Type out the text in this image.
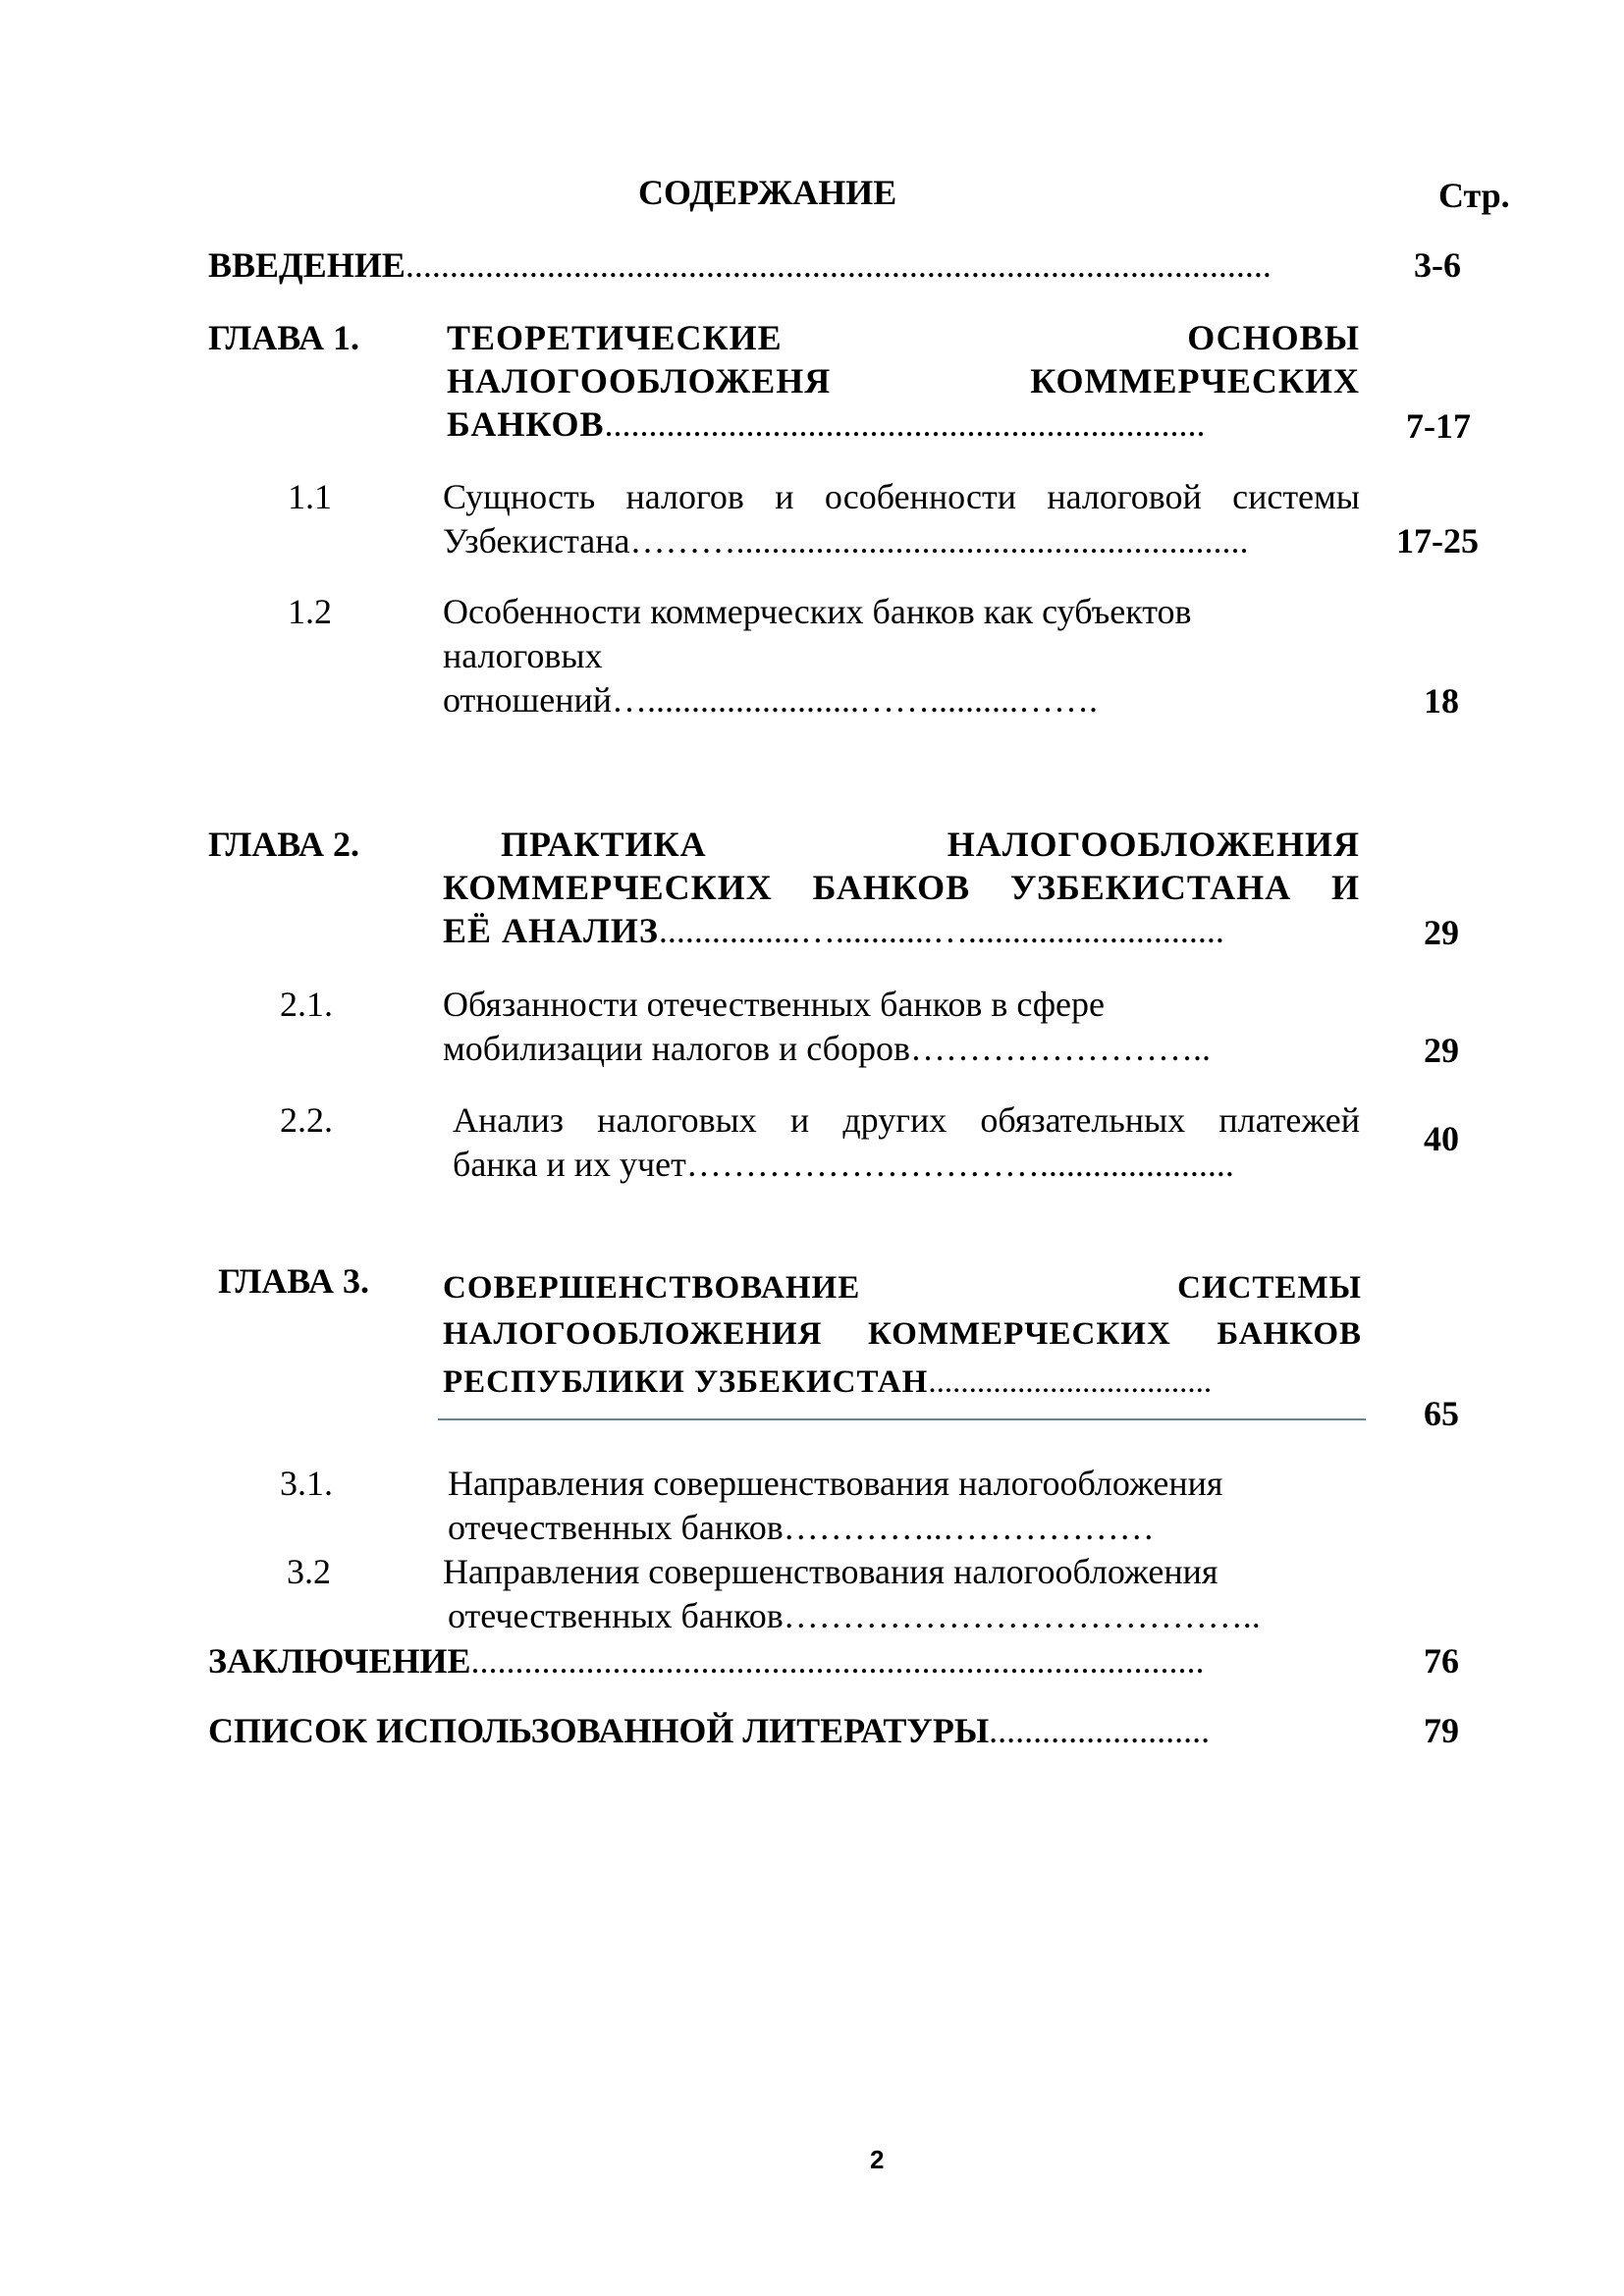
СОДЕРЖАНИЕ	Стр.
ВВЕДЕНИЕ..................................................................................................	3-6
ГЛАВА 1. ТЕОРЕТИЧЕСКИЕ	ОСНОВЫ
НАЛОГООБЛОЖЕНЯ	КОММЕРЧЕСКИХ
БАНКОВ....................................................................	7-17
1.1	Сущность налогов и особенности налоговой системы
Узбекистана………..........................................................	17-25
1.2	Особенности коммерческих банков как субъектов
налоговых
отношений…........................……..........…….	18
ГЛАВА 2.	ПРАКТИКА	НАЛОГООБЛОЖЕНИЯ
КОММЕРЧЕСКИХ БАНКОВ УЗБЕКИСТАНА И
ЕЁ АНАЛИЗ................…...........….............................	29
2.1.	Обязанности отечественных банков в сфере
мобилизации налогов и сборов……………………..	29
2.2.	Анализ налоговых и других обязательных платежей
банка и их учет…………………………......................
40
ГЛАВА 3. СОВЕРШЕНСТВОВАНИЕ	СИСТЕМЫ
НАЛОГООБЛОЖЕНИЯ КОММЕРЧЕСКИХ БАНКОВ
РЕСПУБЛИКИ УЗБЕКИСТАН...................................
65
3.1.	Направления совершенствования налогообложения
отечественных банков…………..………………
3.2	Направления совершенствования налогообложения
отечественных банков…………………………………..
ЗАКЛЮЧЕНИЕ...................................................................................	76
СПИСОК ИСПОЛЬЗОВАННОЙ ЛИТЕРАТУРЫ.........................	79
2
